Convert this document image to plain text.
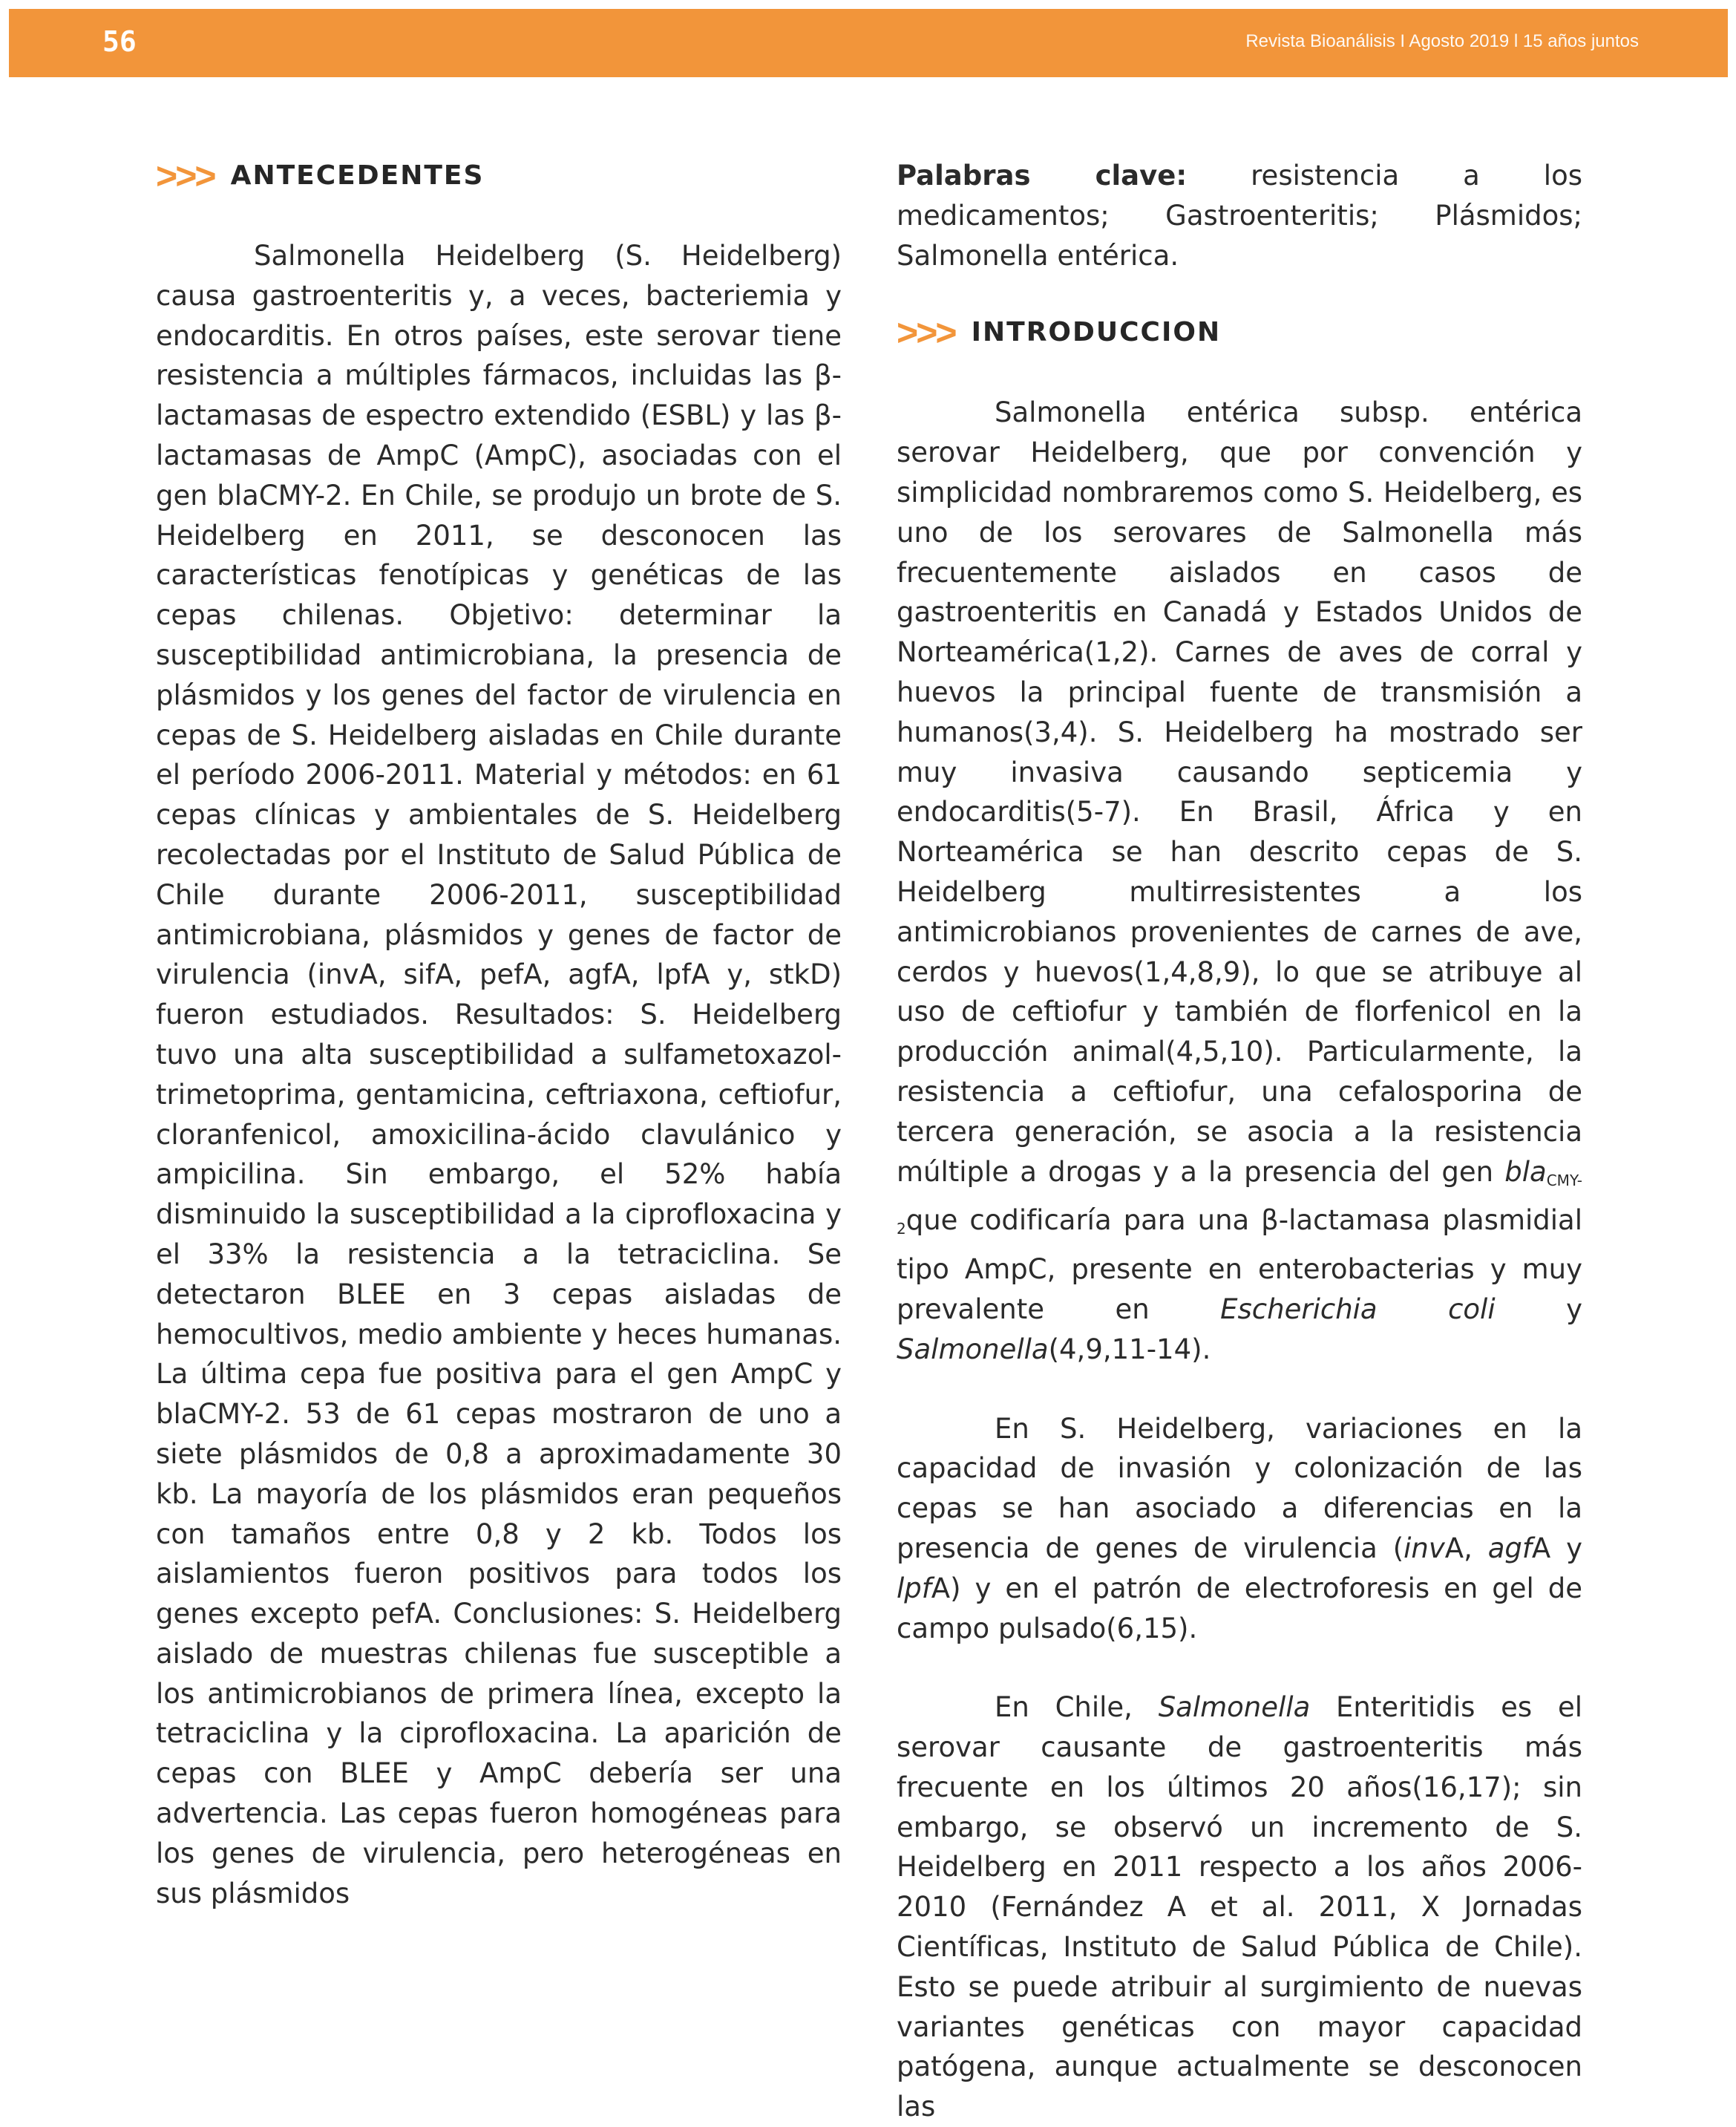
56	Revista Bioanálisis I Agosto 2019 l 15 años juntos
>>> ANTECEDENTES

Salmonella Heidelberg (S. Heidelberg) causa gastroenteritis y, a veces, bacteriemia y endocarditis. En otros países, este serovar tiene resistencia a múltiples fármacos, incluidas las β-lactamasas de espectro extendido (ESBL) y las β-lactamasas de AmpC (AmpC), asociadas con el gen blaCMY-2. En Chile, se produjo un brote de S. Heidelberg en 2011, se desconocen las características fenotípicas y genéticas de las cepas chilenas. Objetivo: determinar la susceptibilidad antimicrobiana, la presencia de plásmidos y los genes del factor de virulencia en cepas de S. Heidelberg aisladas en Chile durante el período 2006-2011. Material y métodos: en 61 cepas clínicas y ambientales de S. Heidelberg recolectadas por el Instituto de Salud Pública de Chile durante 2006-2011, susceptibilidad antimicrobiana, plásmidos y genes de factor de virulencia (invA, sifA, pefA, agfA, lpfA y, stkD) fueron estudiados. Resultados: S. Heidelberg tuvo una alta susceptibilidad a sulfametoxazol-trimetoprima, gentamicina, ceftriaxona, ceftiofur, cloranfenicol, amoxicilina-ácido clavulánico y ampicilina. Sin embargo, el 52% había disminuido la susceptibilidad a la ciprofloxacina y el 33% la resistencia a la tetraciclina. Se detectaron BLEE en 3 cepas aisladas de hemocultivos, medio ambiente y heces humanas. La última cepa fue positiva para el gen AmpC y blaCMY-2. 53 de 61 cepas mostraron de uno a siete plásmidos de 0,8 a aproximadamente 30 kb. La mayoría de los plásmidos eran pequeños con tamaños entre 0,8 y 2 kb. Todos los aislamientos fueron positivos para todos los genes excepto pefA. Conclusiones: S. Heidelberg aislado de muestras chilenas fue susceptible a los antimicrobianos de primera línea, excepto la tetraciclina y la ciprofloxacina. La aparición de cepas con BLEE y AmpC debería ser una advertencia. Las cepas fueron homogéneas para los genes de virulencia, pero heterogéneas en sus plásmidos

Palabras clave: resistencia a los medicamentos; Gastroenteritis; Plásmidos; Salmonella entérica.

>>> INTRODUCCION

Salmonella entérica subsp. entérica serovar Heidelberg, que por convención y simplicidad nombraremos como S. Heidelberg, es uno de los serovares de Salmonella más frecuentemente aislados en casos de gastroenteritis en Canadá y Estados Unidos de Norteamérica(1,2). Carnes de aves de corral y huevos la principal fuente de transmisión a humanos(3,4). S. Heidelberg ha mostrado ser muy invasiva causando septicemia y endocarditis(5-7). En Brasil, África y en Norteamérica se han descrito cepas de S. Heidelberg multirresistentes a los antimicrobianos provenientes de carnes de ave, cerdos y huevos(1,4,8,9), lo que se atribuye al uso de ceftiofur y también de florfenicol en la producción animal(4,5,10). Particularmente, la resistencia a ceftiofur, una cefalosporina de tercera generación, se asocia a la resistencia múltiple a drogas y a la presencia del gen bla$_{CMY-2}$que codificaría para una β-lactamasa plasmidial tipo AmpC, presente en enterobacterias y muy prevalente en Escherichia coli y Salmonella(4,9,11-14).

En S. Heidelberg, variaciones en la capacidad de invasión y colonización de las cepas se han asociado a diferencias en la presencia de genes de virulencia (invA, agfA y lpfA) y en el patrón de electroforesis en gel de campo pulsado(6,15).

En Chile, Salmonella Enteritidis es el serovar causante de gastroenteritis más frecuente en los últimos 20 años(16,17); sin embargo, se observó un incremento de S. Heidelberg en 2011 respecto a los años 2006-2010 (Fernández A et al. 2011, X Jornadas Científicas, Instituto de Salud Pública de Chile). Esto se puede atribuir al surgimiento de nuevas variantes genéticas con mayor capacidad patógena, aunque actualmente se desconocen las
